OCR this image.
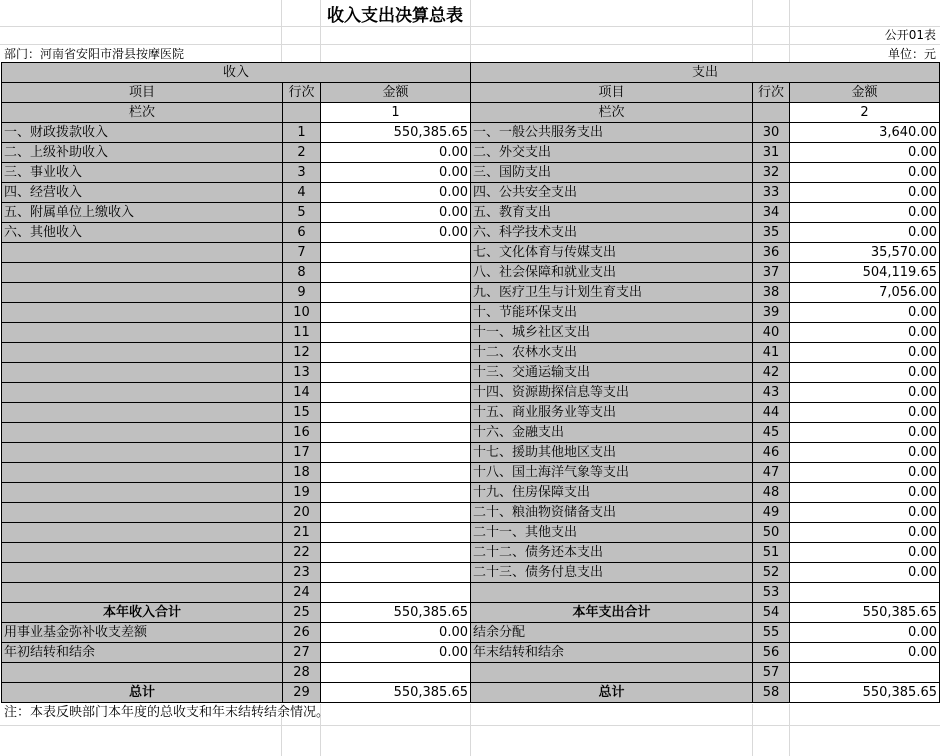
收入支出决算总表
公开01表
部门：河南省安阳市滑县按摩医院	单位：元
收入			支出		
项目	行次	金额	项目	行次	金额
栏次		1	栏次		2
一、财政拨款收入	1	550,385.65	一、一般公共服务支出	30	3,640.00
二、上级补助收入	2	0.00	二、外交支出	31	0.00
三、事业收入	3	0.00	三、国防支出	32	0.00
四、经营收入	4	0.00	四、公共安全支出	33	0.00
五、附属单位上缴收入	5	0.00	五、教育支出	34	0.00
六、其他收入	6	0.00	六、科学技术支出	35	0.00
	7		七、文化体育与传媒支出	36	35,570.00
	8		八、社会保障和就业支出	37	504,119.65
	9		九、医疗卫生与计划生育支出	38	7,056.00
	10		十、节能环保支出	39	0.00
	11		十一、城乡社区支出	40	0.00
	12		十二、农林水支出	41	0.00
	13		十三、交通运输支出	42	0.00
	14		十四、资源勘探信息等支出	43	0.00
	15		十五、商业服务业等支出	44	0.00
	16		十六、金融支出	45	0.00
	17		十七、援助其他地区支出	46	0.00
	18		十八、国土海洋气象等支出	47	0.00
	19		十九、住房保障支出	48	0.00
	20		二十、粮油物资储备支出	49	0.00
	21		二十一、其他支出	50	0.00
	22		二十二、债务还本支出	51	0.00
	23		二十三、债务付息支出	52	0.00
	24			53	
本年收入合计	25	550,385.65	本年支出合计	54	550,385.65
用事业基金弥补收支差额	26	0.00	结余分配	55	0.00
年初结转和结余	27	0.00	年末结转和结余	56	0.00
	28			57	
总计	29	550,385.65	总计	58	550,385.65
注：本表反映部门本年度的总收支和年末结转结余情况。
